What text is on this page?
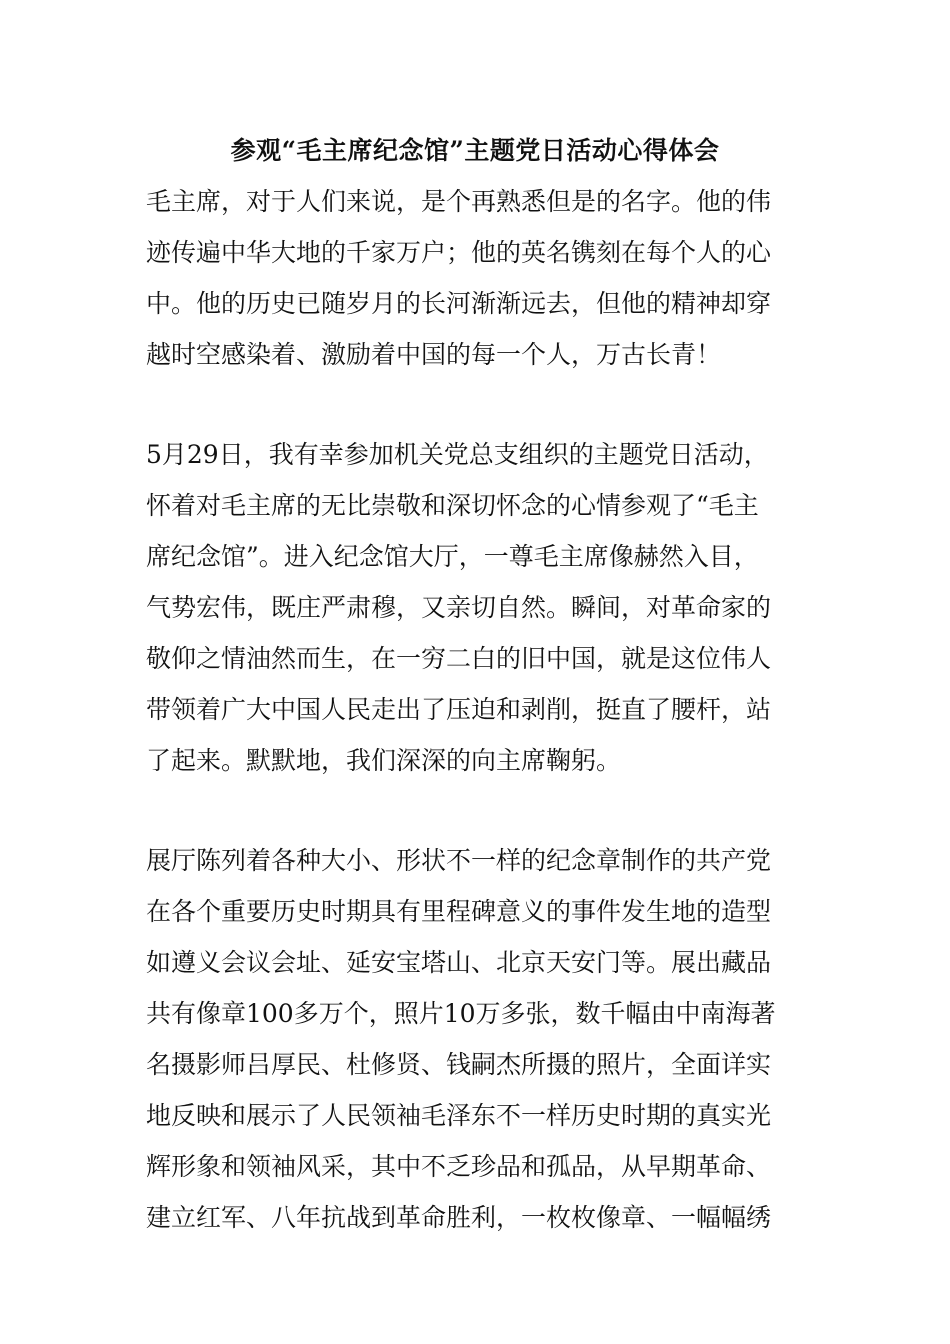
参观“毛主席纪念馆”主题党日活动心得体会
毛主席，对于人们来说，是个再熟悉但是的名字。他的伟
迹传遍中华大地的千家万户；他的英名镌刻在每个人的心
中。他的历史已随岁月的长河渐渐远去，但他的精神却穿
越时空感染着、激励着中国的每一个人，万古长青！
5月29日，我有幸参加机关党总支组织的主题党日活动，
怀着对毛主席的无比崇敬和深切怀念的心情参观了“毛主
席纪念馆”。进入纪念馆大厅，一尊毛主席像赫然入目，
气势宏伟，既庄严肃穆，又亲切自然。瞬间，对革命家的
敬仰之情油然而生，在一穷二白的旧中国，就是这位伟人
带领着广大中国人民走出了压迫和剥削，挺直了腰杆，站
了起来。默默地，我们深深的向主席鞠躬。
展厅陈列着各种大小、形状不一样的纪念章制作的共产党
在各个重要历史时期具有里程碑意义的事件发生地的造型
如遵义会议会址、延安宝塔山、北京天安门等。展出藏品
共有像章100多万个，照片10万多张，数千幅由中南海著
名摄影师吕厚民、杜修贤、钱嗣杰所摄的照片，全面详实
地反映和展示了人民领袖毛泽东不一样历史时期的真实光
辉形象和领袖风采，其中不乏珍品和孤品，从早期革命、
建立红军、八年抗战到革命胜利，一枚枚像章、一幅幅绣
